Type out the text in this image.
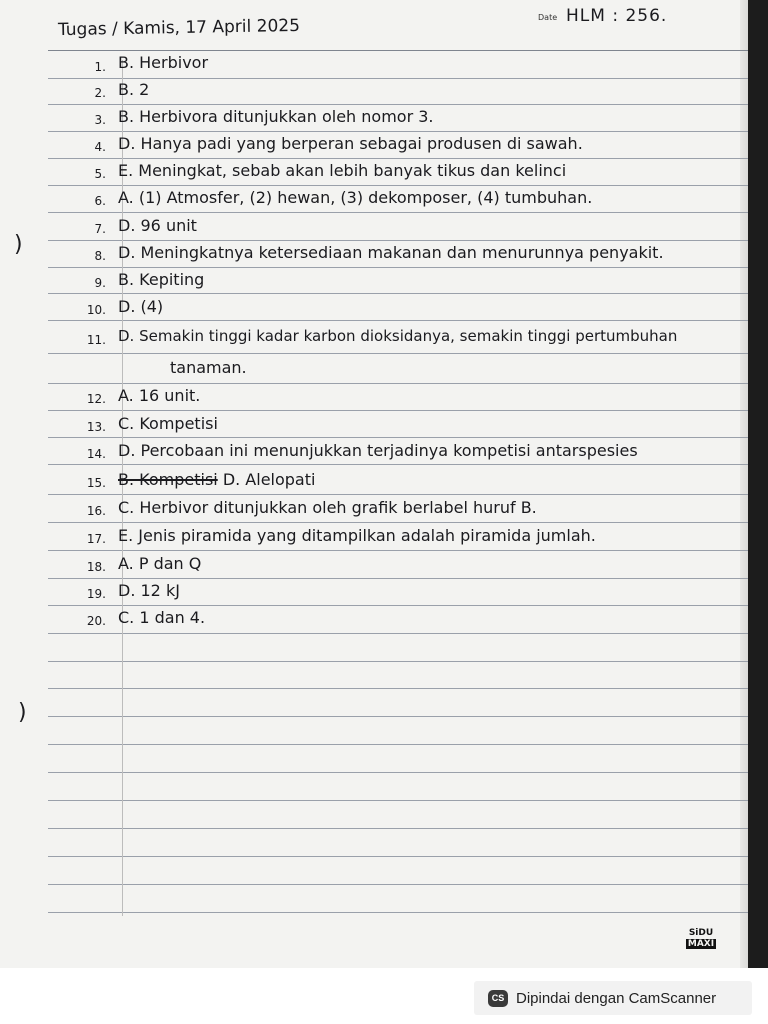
Tugas / Kamis, 17 April 2025	Date HLM : 256.
1. B. Herbivor
2. B. 2
3. B. Herbivora ditunjukkan oleh nomor 3.
4. D. Hanya padi yang berperan sebagai produsen di sawah.
5. E. Meningkat, sebab akan lebih banyak tikus dan kelinci
6. A. (1) Atmosfer, (2) hewan, (3) dekomposer, (4) tumbuhan.
7. D. 96 unit
8. D. Meningkatnya ketersediaan makanan dan menurunnya penyakit.
9. B. Kepiting
10. D. (4)
11. D. Semakin tinggi kadar karbon dioksidanya, semakin tinggi pertumbuhan
tanaman.
12. A. 16 unit.
13. C. Kompetisi
14. D. Percobaan ini menunjukkan terjadinya kompetisi antarspesies
15. B. Kompetisi D. Alelopati
16. C. Herbivor ditunjukkan oleh grafik berlabel huruf B.
17. E. Jenis piramida yang ditampilkan adalah piramida jumlah.
18. A. P dan Q
19. D. 12 kJ
20. C. 1 dan 4.
)
)
SiDU
MAXI
CS Dipindai dengan CamScanner
